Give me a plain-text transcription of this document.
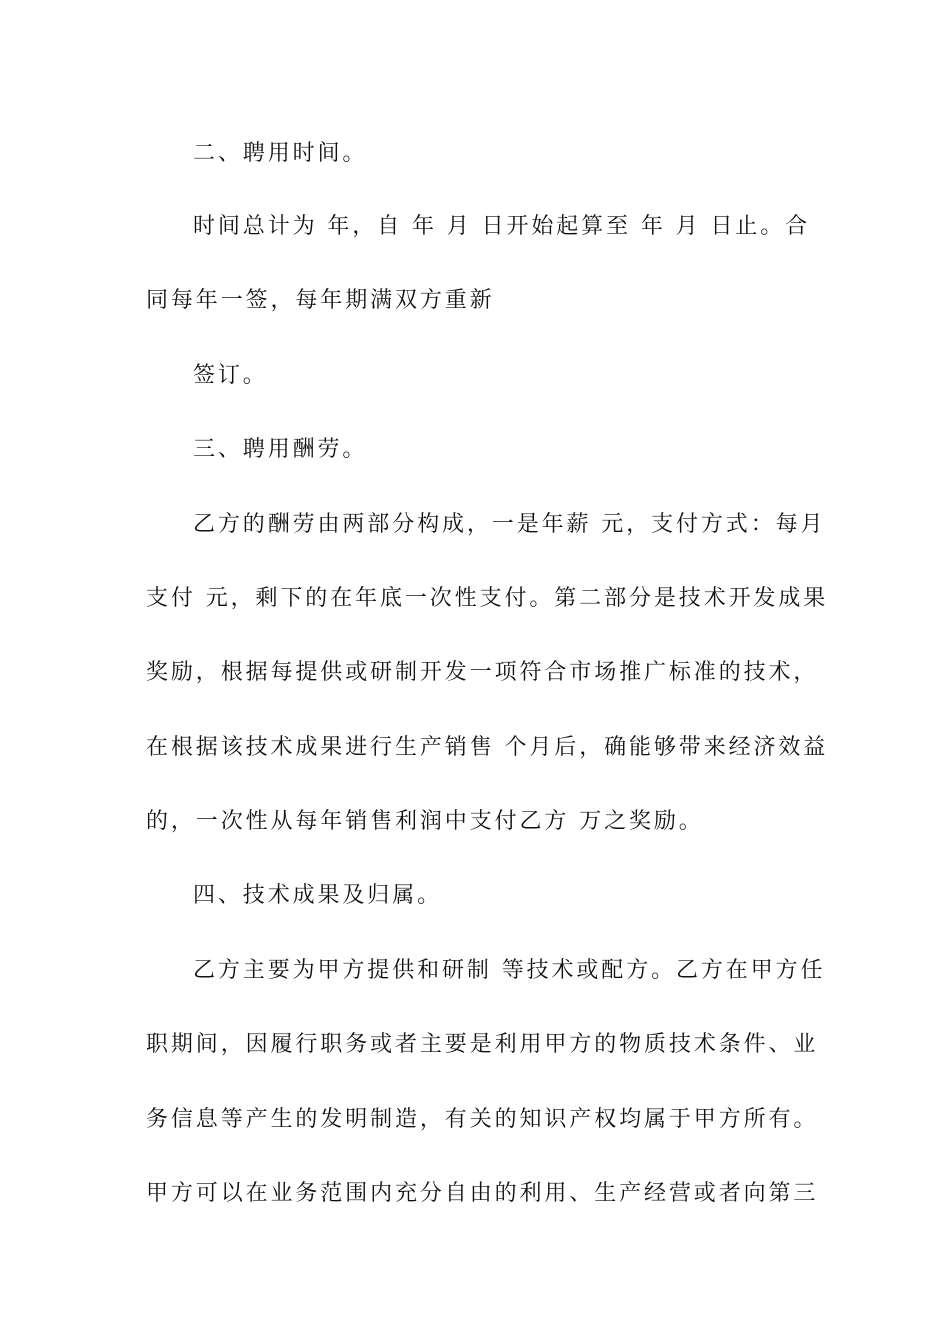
二、聘用时间。
时间总计为 年，自 年 月 日开始起算至 年 月 日止。合
同每年一签，每年期满双方重新
签订。
三、聘用酬劳。
乙方的酬劳由两部分构成，一是年薪 元，支付方式：每月
支付 元，剩下的在年底一次性支付。第二部分是技术开发成果
奖励，根据每提供或研制开发一项符合市场推广标准的技术，
在根据该技术成果进行生产销售 个月后，确能够带来经济效益
的，一次性从每年销售利润中支付乙方 万之奖励。
四、技术成果及归属。
乙方主要为甲方提供和研制 等技术或配方。乙方在甲方任
职期间，因履行职务或者主要是利用甲方的物质技术条件、业
务信息等产生的发明制造，有关的知识产权均属于甲方所有。
甲方可以在业务范围内充分自由的利用、生产经营或者向第三
